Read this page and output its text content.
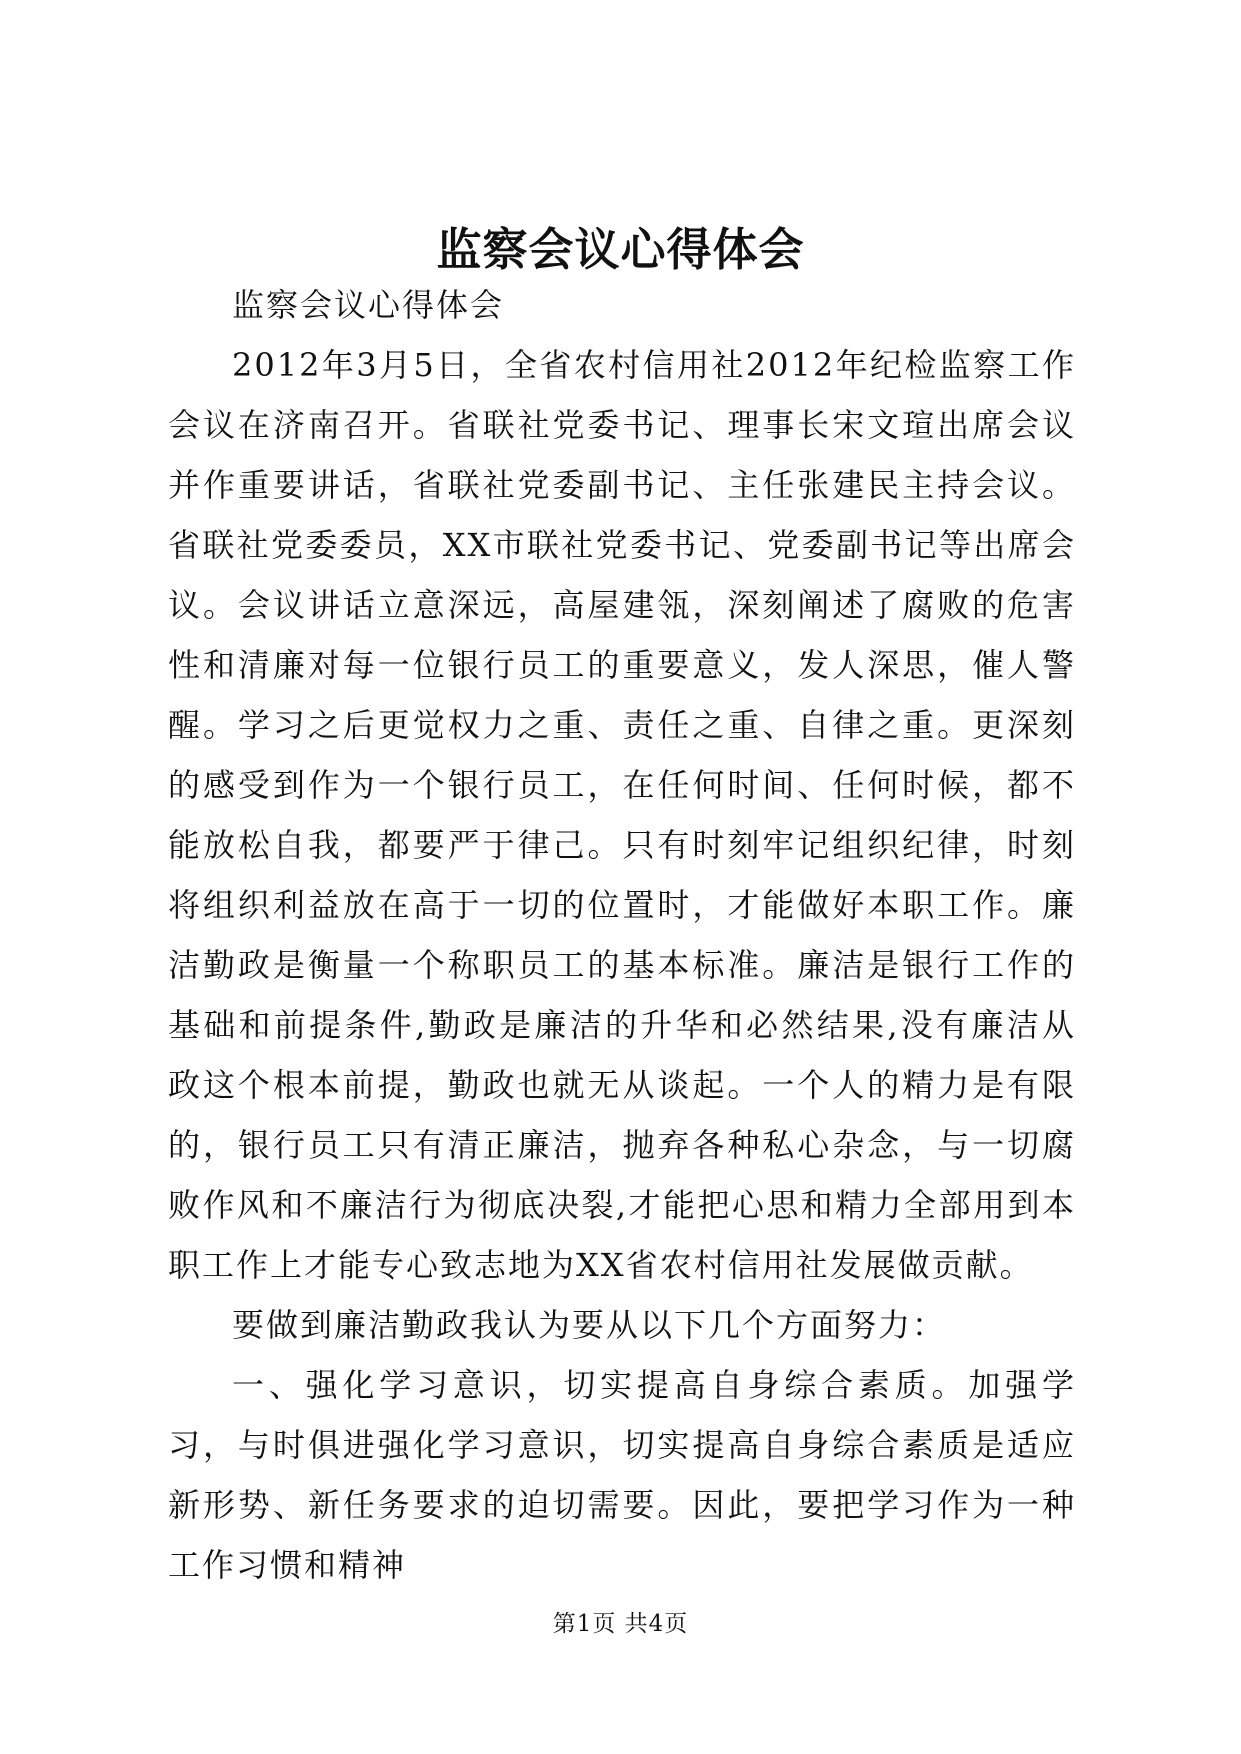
监察会议心得体会

监察会议心得体会

2012年3月5日，全省农村信用社2012年纪检监察工作会议在济南召开。省联社党委书记、理事长宋文瑄出席会议并作重要讲话，省联社党委副书记、主任张建民主持会议。省联社党委委员，XX市联社党委书记、党委副书记等出席会议。会议讲话立意深远，高屋建瓴，深刻阐述了腐败的危害性和清廉对每一位银行员工的重要意义，发人深思，催人警醒。学习之后更觉权力之重、责任之重、自律之重。更深刻的感受到作为一个银行员工，在任何时间、任何时候，都不能放松自我，都要严于律己。只有时刻牢记组织纪律，时刻将组织利益放在高于一切的位置时，才能做好本职工作。廉洁勤政是衡量一个称职员工的基本标准。廉洁是银行工作的基础和前提条件,勤政是廉洁的升华和必然结果,没有廉洁从政这个根本前提，勤政也就无从谈起。一个人的精力是有限的，银行员工只有清正廉洁，抛弃各种私心杂念，与一切腐败作风和不廉洁行为彻底决裂,才能把心思和精力全部用到本职工作上才能专心致志地为XX省农村信用社发展做贡献。

要做到廉洁勤政我认为要从以下几个方面努力：

一、强化学习意识，切实提高自身综合素质。加强学习，与时俱进强化学习意识，切实提高自身综合素质是适应新形势、新任务要求的迫切需要。因此，要把学习作为一种工作习惯和精神

第1页 共4页
